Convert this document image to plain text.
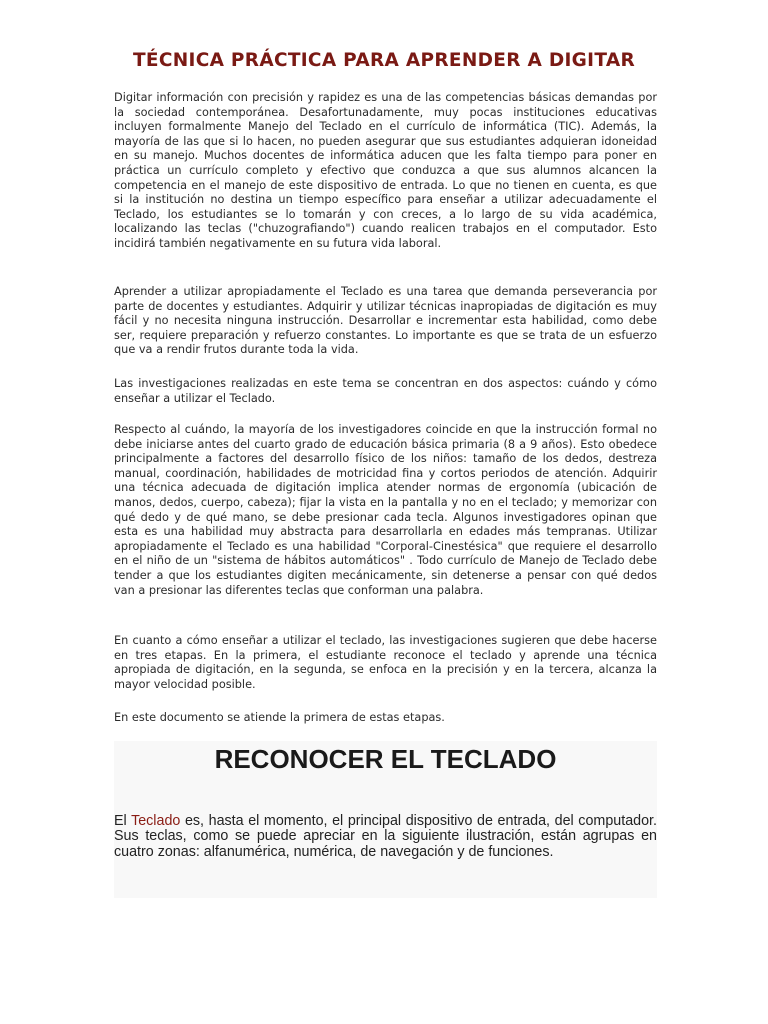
TÉCNICA PRÁCTICA PARA APRENDER A DIGITAR

Digitar información con precisión y rapidez es una de las competencias básicas demandas por la sociedad contemporánea. Desafortunadamente, muy pocas instituciones educativas incluyen formalmente Manejo del Teclado en el currículo de informática (TIC). Además, la mayoría de las que si lo hacen, no pueden asegurar que sus estudiantes adquieran idoneidad en su manejo. Muchos docentes de informática aducen que les falta tiempo para poner en práctica un currículo completo y efectivo que conduzca a que sus alumnos alcancen la competencia en el manejo de este dispositivo de entrada. Lo que no tienen en cuenta, es que si la institución no destina un tiempo específico para enseñar a utilizar adecuadamente el Teclado, los estudiantes se lo tomarán y con creces, a lo largo de su vida académica, localizando las teclas ("chuzografiando") cuando realicen trabajos en el computador. Esto incidirá también negativamente en su futura vida laboral.

Aprender a utilizar apropiadamente el Teclado es una tarea que demanda perseverancia por parte de docentes y estudiantes. Adquirir y utilizar técnicas inapropiadas de digitación es muy fácil y no necesita ninguna instrucción. Desarrollar e incrementar esta habilidad, como debe ser, requiere preparación y refuerzo constantes. Lo importante es que se trata de un esfuerzo que va a rendir frutos durante toda la vida.

Las investigaciones realizadas en este tema se concentran en dos aspectos: cuándo y cómo enseñar a utilizar el Teclado.

Respecto al cuándo, la mayoría de los investigadores coincide en que la instrucción formal no debe iniciarse antes del cuarto grado de educación básica primaria (8 a 9 años). Esto obedece principalmente a factores del desarrollo físico de los niños: tamaño de los dedos, destreza manual, coordinación, habilidades de motricidad fina y cortos periodos de atención. Adquirir una técnica adecuada de digitación implica atender normas de ergonomía (ubicación de manos, dedos, cuerpo, cabeza); fijar la vista en la pantalla y no en el teclado; y memorizar con qué dedo y de qué mano, se debe presionar cada tecla. Algunos investigadores opinan que esta es una habilidad muy abstracta para desarrollarla en edades más tempranas. Utilizar apropiadamente el Teclado es una habilidad "Corporal-Cinestésica" que requiere el desarrollo en el niño de un "sistema de hábitos automáticos" . Todo currículo de Manejo de Teclado debe tender a que los estudiantes digiten mecánicamente, sin detenerse a pensar con qué dedos van a presionar las diferentes teclas que conforman una palabra.

En cuanto a cómo enseñar a utilizar el teclado, las investigaciones sugieren que debe hacerse en tres etapas. En la primera, el estudiante reconoce el teclado y aprende una técnica apropiada de digitación, en la segunda, se enfoca en la precisión y en la tercera, alcanza la mayor velocidad posible.

En este documento se atiende la primera de estas etapas.

RECONOCER EL TECLADO

El Teclado es, hasta el momento, el principal dispositivo de entrada, del computador. Sus teclas, como se puede apreciar en la siguiente ilustración, están agrupas en cuatro zonas: alfanumérica, numérica, de navegación y de funciones.
